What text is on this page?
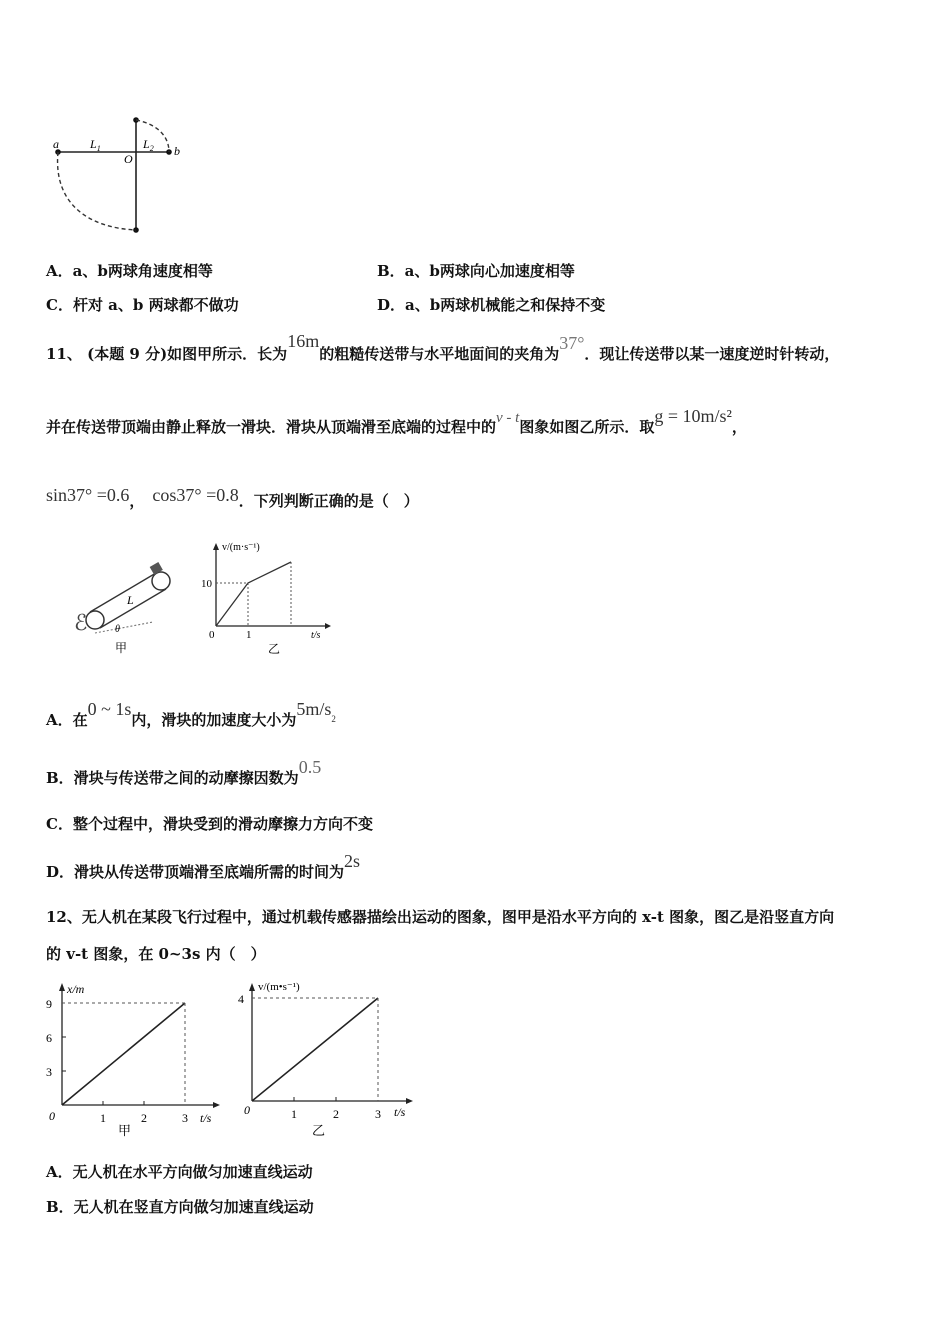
a	$L_1$
O
$L_2$ b
A．a、b两球角速度相等	B．a、b两球向心加速度相等
C．杆对 a、b 两球都不做功	D．a、b两球机械能之和保持不变
11、 (本题 9 分)如图甲所示．长为16m的粗糙传送带与水平地面间的夹角为37°．现让传送带以某一速度逆时针转动，
并在传送带顶端由静止释放一滑块．滑块从顶端滑至底端的过程中的v - t图象如图乙所示．取g = 10m/s²，
sin37° =0.6， cos37° =0.8．下列判断正确的是（　）
ℰ
L
θ
甲
v/(m·s⁻¹)
10
1
0	t/s
乙
A．在0 ~ 1s内，滑块的加速度大小为$5m/s^2$
B．滑块与传送带之间的动摩擦因数为0.5
C．整个过程中，滑块受到的滑动摩擦力方向不变
D．滑块从传送带顶端滑至底端所需的时间为2s
12、无人机在某段飞行过程中，通过机载传感器描绘出运动的图象，图甲是沿水平方向的 x-t 图象，图乙是沿竖直方向
的 v-t 图象，在 0~3s 内（　）
x/m
9
6
3
0	1	2	3 t/s
甲
v/(m•s⁻¹)
4
0	1	2	3 t/s
乙
A．无人机在水平方向做匀加速直线运动
B．无人机在竖直方向做匀加速直线运动
